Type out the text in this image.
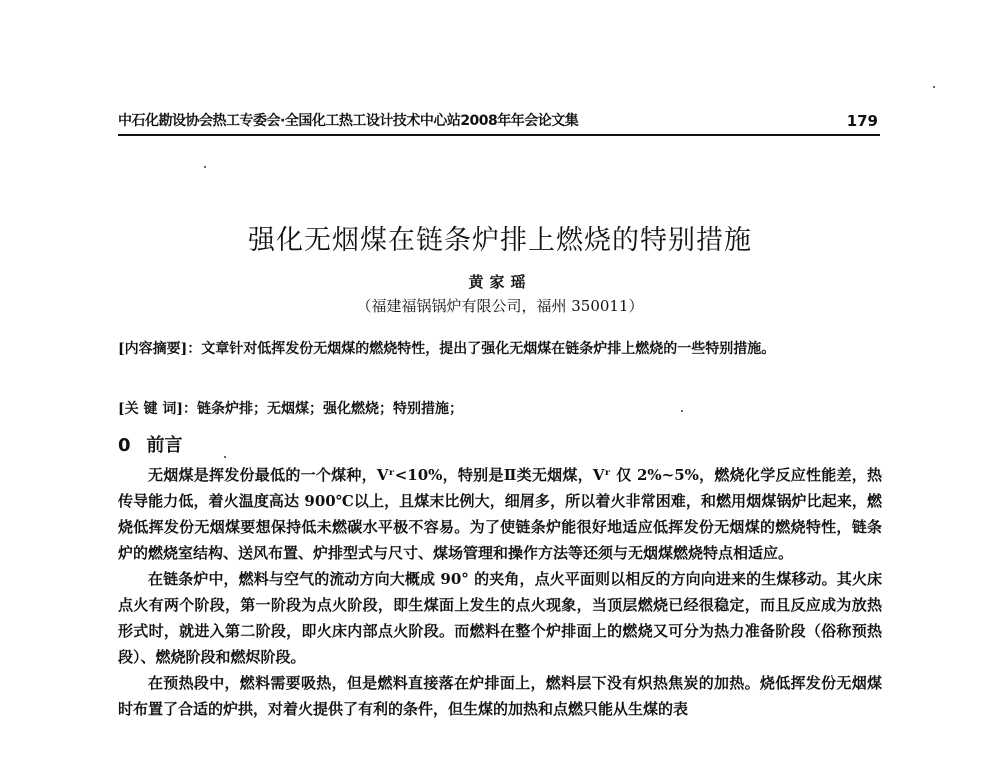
中石化勘设协会热工专委会·全国化工热工设计技术中心站2008年年会论文集	179
强化无烟煤在链条炉排上燃烧的特别措施
黄家瑶
（福建福锅锅炉有限公司，福州 350011）
[内容摘要]：文章针对低挥发份无烟煤的燃烧特性，提出了强化无烟煤在链条炉排上燃烧的一些特别措施。
[关 键 词]：链条炉排；无烟煤；强化燃烧；特别措施；
0 前言

无烟煤是挥发份最低的一个煤种，Vʳ<10%，特别是Ⅱ类无烟煤，Vʳ 仅 2%~5%，燃烧化学反应性能差，热传导能力低，着火温度高达 900℃以上，且煤末比例大，细屑多，所以着火非常困难，和燃用烟煤锅炉比起来，燃烧低挥发份无烟煤要想保持低未燃碳水平极不容易。为了使链条炉能很好地适应低挥发份无烟煤的燃烧特性，链条炉的燃烧室结构、送风布置、炉排型式与尺寸、煤场管理和操作方法等还须与无烟煤燃烧特点相适应。

在链条炉中，燃料与空气的流动方向大概成 90° 的夹角，点火平面则以相反的方向向进来的生煤移动。其火床点火有两个阶段，第一阶段为点火阶段，即生煤面上发生的点火现象，当顶层燃烧已经很稳定，而且反应成为放热形式时，就进入第二阶段，即火床内部点火阶段。而燃料在整个炉排面上的燃烧又可分为热力准备阶段（俗称预热段）、燃烧阶段和燃烬阶段。

在预热段中，燃料需要吸热，但是燃料直接落在炉排面上，燃料层下没有炽热焦炭的加热。烧低挥发份无烟煤时布置了合适的炉拱，对着火提供了有利的条件，但生煤的加热和点燃只能从生煤的表
